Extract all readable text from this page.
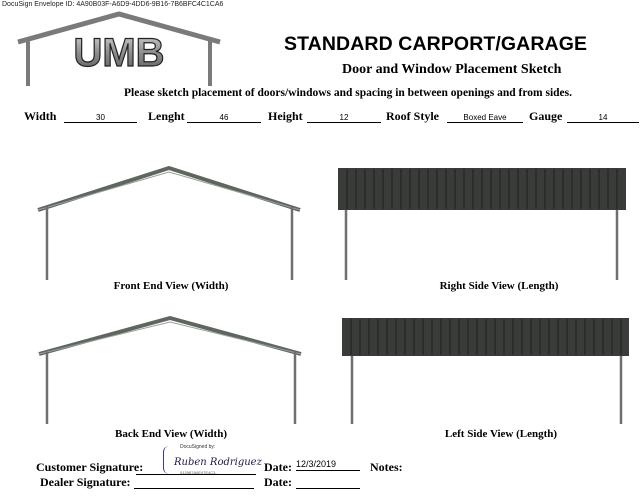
DocuSign Envelope ID: 4A90B03F-A6D9-4DD6-9B16-7B6BFC4C1CA6
UMB	STANDARD CARPORT/GARAGE
Door and Window Placement Sketch
Please sketch placement of doors/windows and spacing in between openings and from sides.
Width	30	Lenght	46	Height	12	Roof Style	Boxed Eave	Gauge	14
Front End View (Width)	Right Side View (Length)
Back End View (Width)	Left Side View (Length)
Customer Signature:
DocuSigned by:
Ruben Rodriguez
012987A0E47E4C3..	Date: 12/3/2019	Notes:
Dealer Signature:	Date:
